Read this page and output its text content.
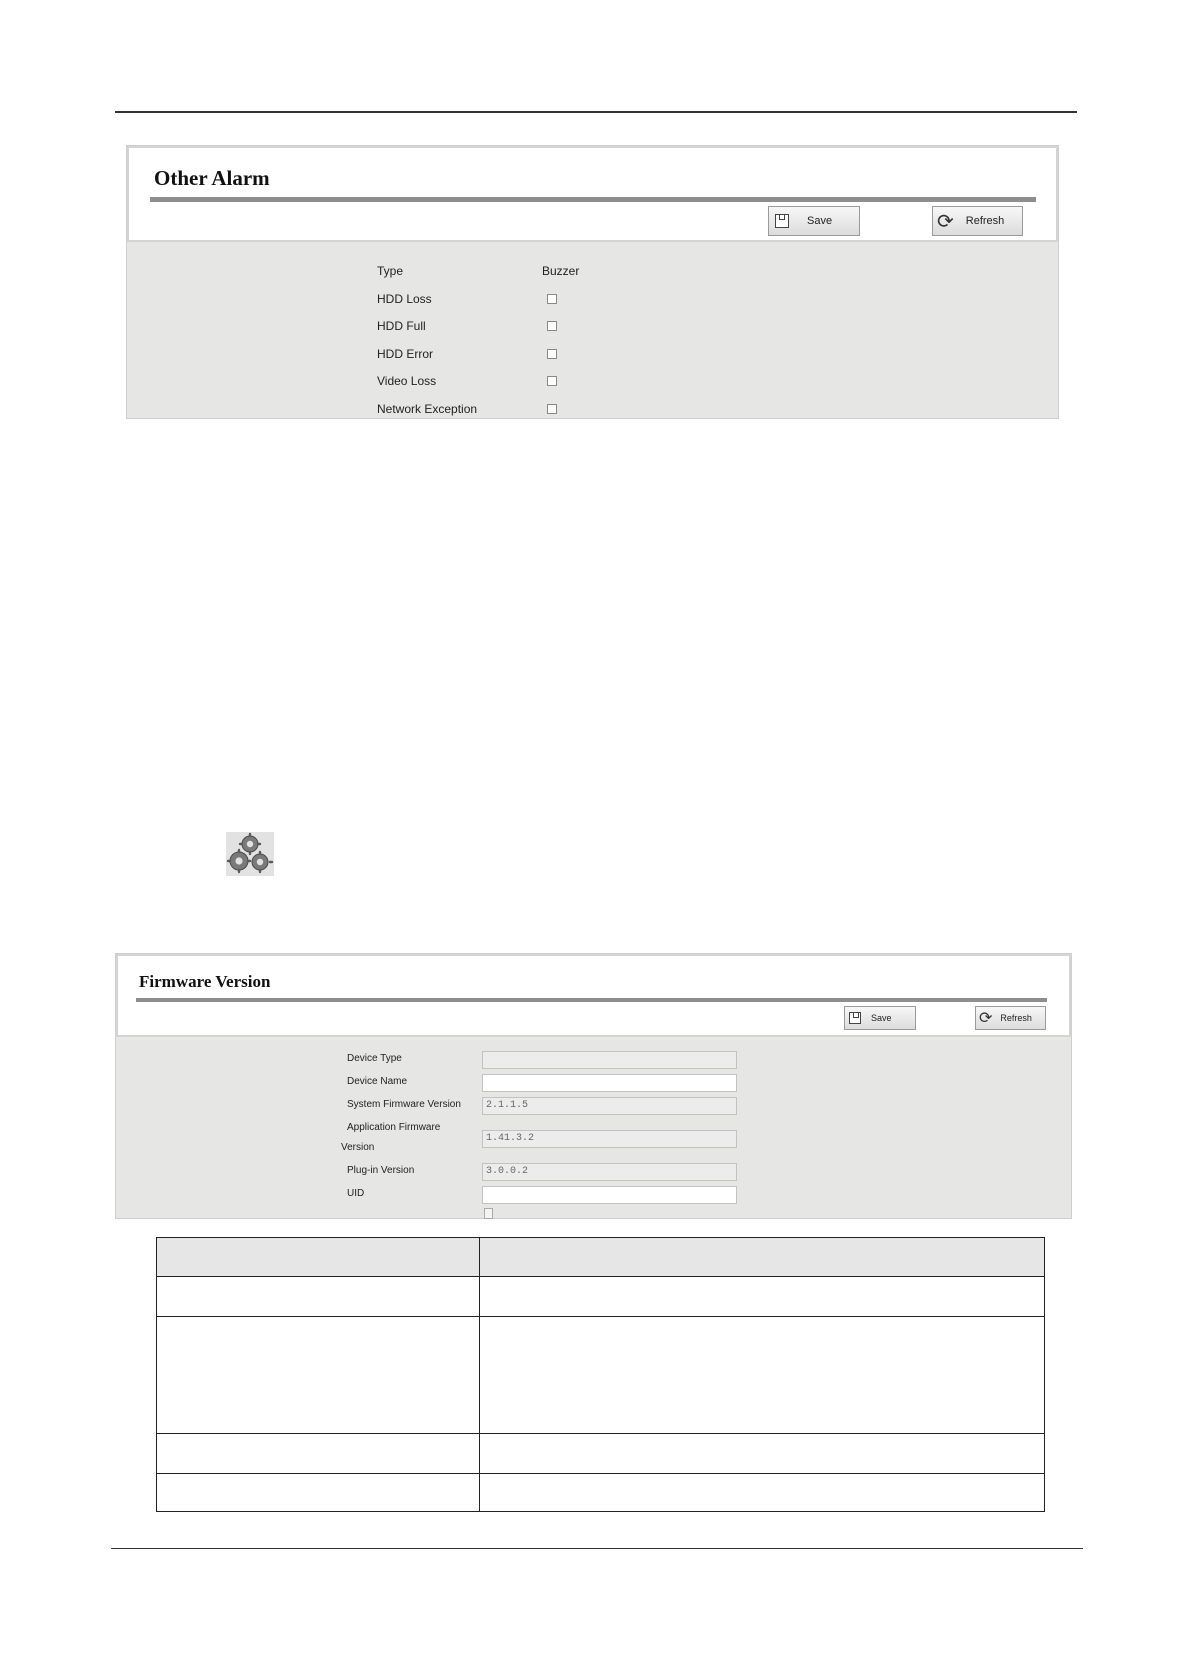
Other Alarm
Save	⟳ Refresh
Type	Buzzer
HDD Loss
HDD Full
HDD Error
Video Loss
Network Exception
Firmware Version
Save	⟳ Refresh
Device Type
Device Name
System Firmware Version	2.1.1.5
Application Firmware
Version
1.41.3.2
Plug-in Version	3.0.0.2
UID
